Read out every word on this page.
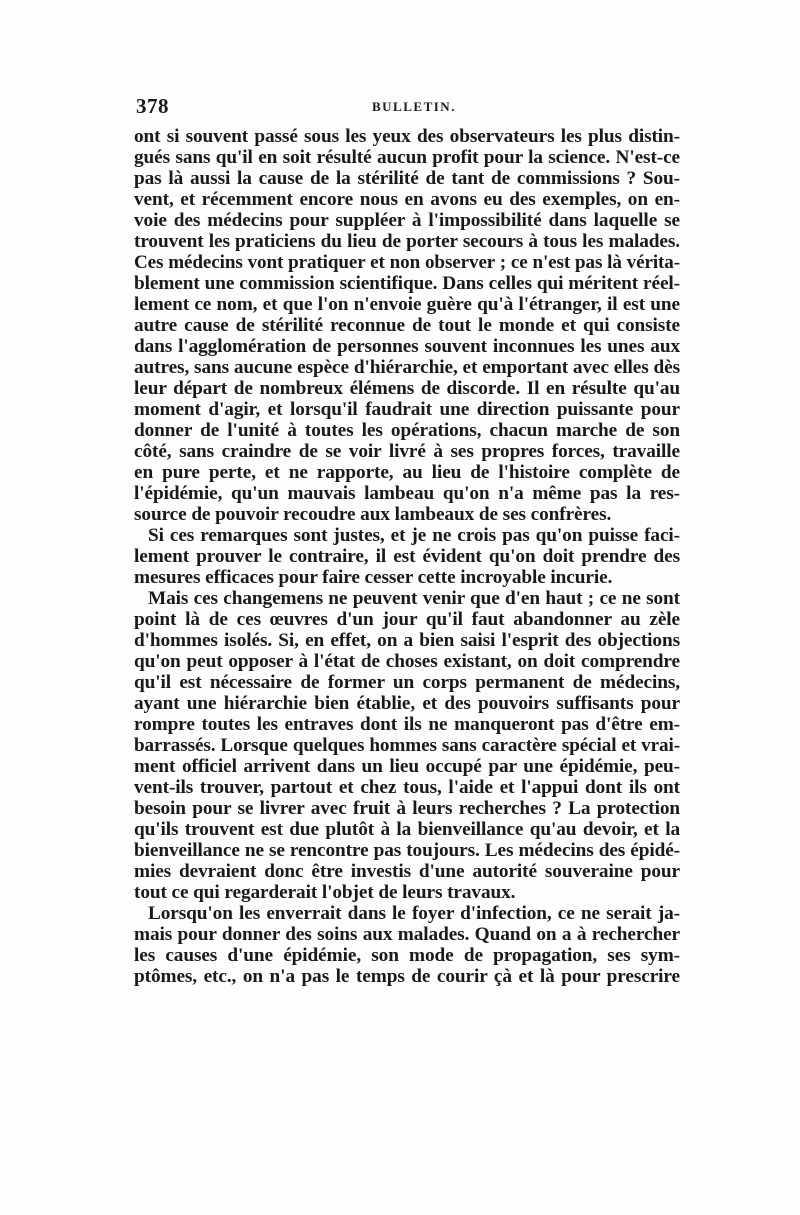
378	BULLETIN.
ont si souvent passé sous les yeux des observateurs les plus distin-
gués sans qu'il en soit résulté aucun profit pour la science. N'est-ce
pas là aussi la cause de la stérilité de tant de commissions ? Sou-
vent, et récemment encore nous en avons eu des exemples, on en-
voie des médecins pour suppléer à l'impossibilité dans laquelle se
trouvent les praticiens du lieu de porter secours à tous les malades.
Ces médecins vont pratiquer et non observer ; ce n'est pas là vérita-
blement une commission scientifique. Dans celles qui méritent réel-
lement ce nom, et que l'on n'envoie guère qu'à l'étranger, il est une
autre cause de stérilité reconnue de tout le monde et qui consiste
dans l'agglomération de personnes souvent inconnues les unes aux
autres, sans aucune espèce d'hiérarchie, et emportant avec elles dès
leur départ de nombreux élémens de discorde. Il en résulte qu'au
moment d'agir, et lorsqu'il faudrait une direction puissante pour
donner de l'unité à toutes les opérations, chacun marche de son
côté, sans craindre de se voir livré à ses propres forces, travaille
en pure perte, et ne rapporte, au lieu de l'histoire complète de
l'épidémie, qu'un mauvais lambeau qu'on n'a même pas la res-
source de pouvoir recoudre aux lambeaux de ses confrères.
Si ces remarques sont justes, et je ne crois pas qu'on puisse faci-
lement prouver le contraire, il est évident qu'on doit prendre des
mesures efficaces pour faire cesser cette incroyable incurie.
Mais ces changemens ne peuvent venir que d'en haut ; ce ne sont
point là de ces œuvres d'un jour qu'il faut abandonner au zèle
d'hommes isolés. Si, en effet, on a bien saisi l'esprit des objections
qu'on peut opposer à l'état de choses existant, on doit comprendre
qu'il est nécessaire de former un corps permanent de médecins,
ayant une hiérarchie bien établie, et des pouvoirs suffisants pour
rompre toutes les entraves dont ils ne manqueront pas d'être em-
barrassés. Lorsque quelques hommes sans caractère spécial et vrai-
ment officiel arrivent dans un lieu occupé par une épidémie, peu-
vent-ils trouver, partout et chez tous, l'aide et l'appui dont ils ont
besoin pour se livrer avec fruit à leurs recherches ? La protection
qu'ils trouvent est due plutôt à la bienveillance qu'au devoir, et la
bienveillance ne se rencontre pas toujours. Les médecins des épidé-
mies devraient donc être investis d'une autorité souveraine pour
tout ce qui regarderait l'objet de leurs travaux.
Lorsqu'on les enverrait dans le foyer d'infection, ce ne serait ja-
mais pour donner des soins aux malades. Quand on a à rechercher
les causes d'une épidémie, son mode de propagation, ses sym-
ptômes, etc., on n'a pas le temps de courir çà et là pour prescrire
